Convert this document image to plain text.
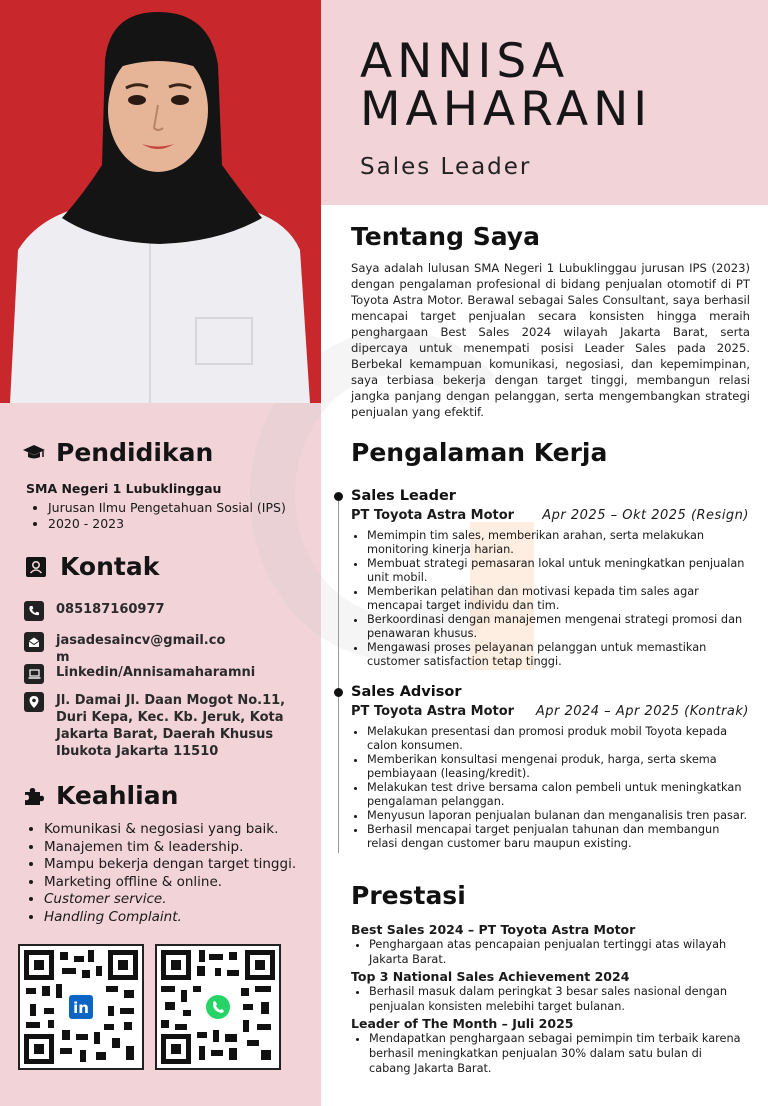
ANNISA
MAHARANI
Sales Leader
Tentang Saya
Saya adalah lulusan SMA Negeri 1 Lubuklinggau jurusan IPS (2023) dengan pengalaman profesional di bidang penjualan otomotif di PT Toyota Astra Motor. Berawal sebagai Sales Consultant, saya berhasil mencapai target penjualan secara konsisten hingga meraih penghargaan Best Sales 2024 wilayah Jakarta Barat, serta dipercaya untuk menempati posisi Leader Sales pada 2025. Berbekal kemampuan komunikasi, negosiasi, dan kepemimpinan, saya terbiasa bekerja dengan target tinggi, membangun relasi jangka panjang dengan pelanggan, serta mengembangkan strategi penjualan yang efektif.
Pendidikan
SMA Negeri 1 Lubuklinggau
• Jurusan Ilmu Pengetahuan Sosial (IPS)
• 2020 - 2023
Kontak
085187160977
jasadesaincv@gmail.co
m
Linkedin/Annisamaharamni
Jl. Damai Jl. Daan Mogot No.11, Duri Kepa, Kec. Kb. Jeruk, Kota Jakarta Barat, Daerah Khusus Ibukota Jakarta 11510
Keahlian
• Komunikasi & negosiasi yang baik.
• Manajemen tim & leadership.
• Mampu bekerja dengan target tinggi.
• Marketing offline & online.
• Customer service.
• Handling Complaint.
in
Pengalaman Kerja
Sales Leader
PT Toyota Astra Motor	Apr 2025 – Okt 2025 (Resign)
• Memimpin tim sales, memberikan arahan, serta melakukan monitoring kinerja harian.
• Membuat strategi pemasaran lokal untuk meningkatkan penjualan unit mobil.
• Memberikan pelatihan dan motivasi kepada tim sales agar mencapai target individu dan tim.
• Berkoordinasi dengan manajemen mengenai strategi promosi dan penawaran khusus.
• Mengawasi proses pelayanan pelanggan untuk memastikan customer satisfaction tetap tinggi.
Sales Advisor
PT Toyota Astra Motor	Apr 2024 – Apr 2025 (Kontrak)
• Melakukan presentasi dan promosi produk mobil Toyota kepada calon konsumen.
• Memberikan konsultasi mengenai produk, harga, serta skema pembiayaan (leasing/kredit).
• Melakukan test drive bersama calon pembeli untuk meningkatkan pengalaman pelanggan.
• Menyusun laporan penjualan bulanan dan menganalisis tren pasar.
• Berhasil mencapai target penjualan tahunan dan membangun relasi dengan customer baru maupun existing.
Prestasi
Best Sales 2024 – PT Toyota Astra Motor
• Penghargaan atas pencapaian penjualan tertinggi atas wilayah Jakarta Barat.
Top 3 National Sales Achievement 2024
• Berhasil masuk dalam peringkat 3 besar sales nasional dengan penjualan konsisten melebihi target bulanan.
Leader of The Month – Juli 2025
• Mendapatkan penghargaan sebagai pemimpin tim terbaik karena berhasil meningkatkan penjualan 30% dalam satu bulan di cabang Jakarta Barat.
